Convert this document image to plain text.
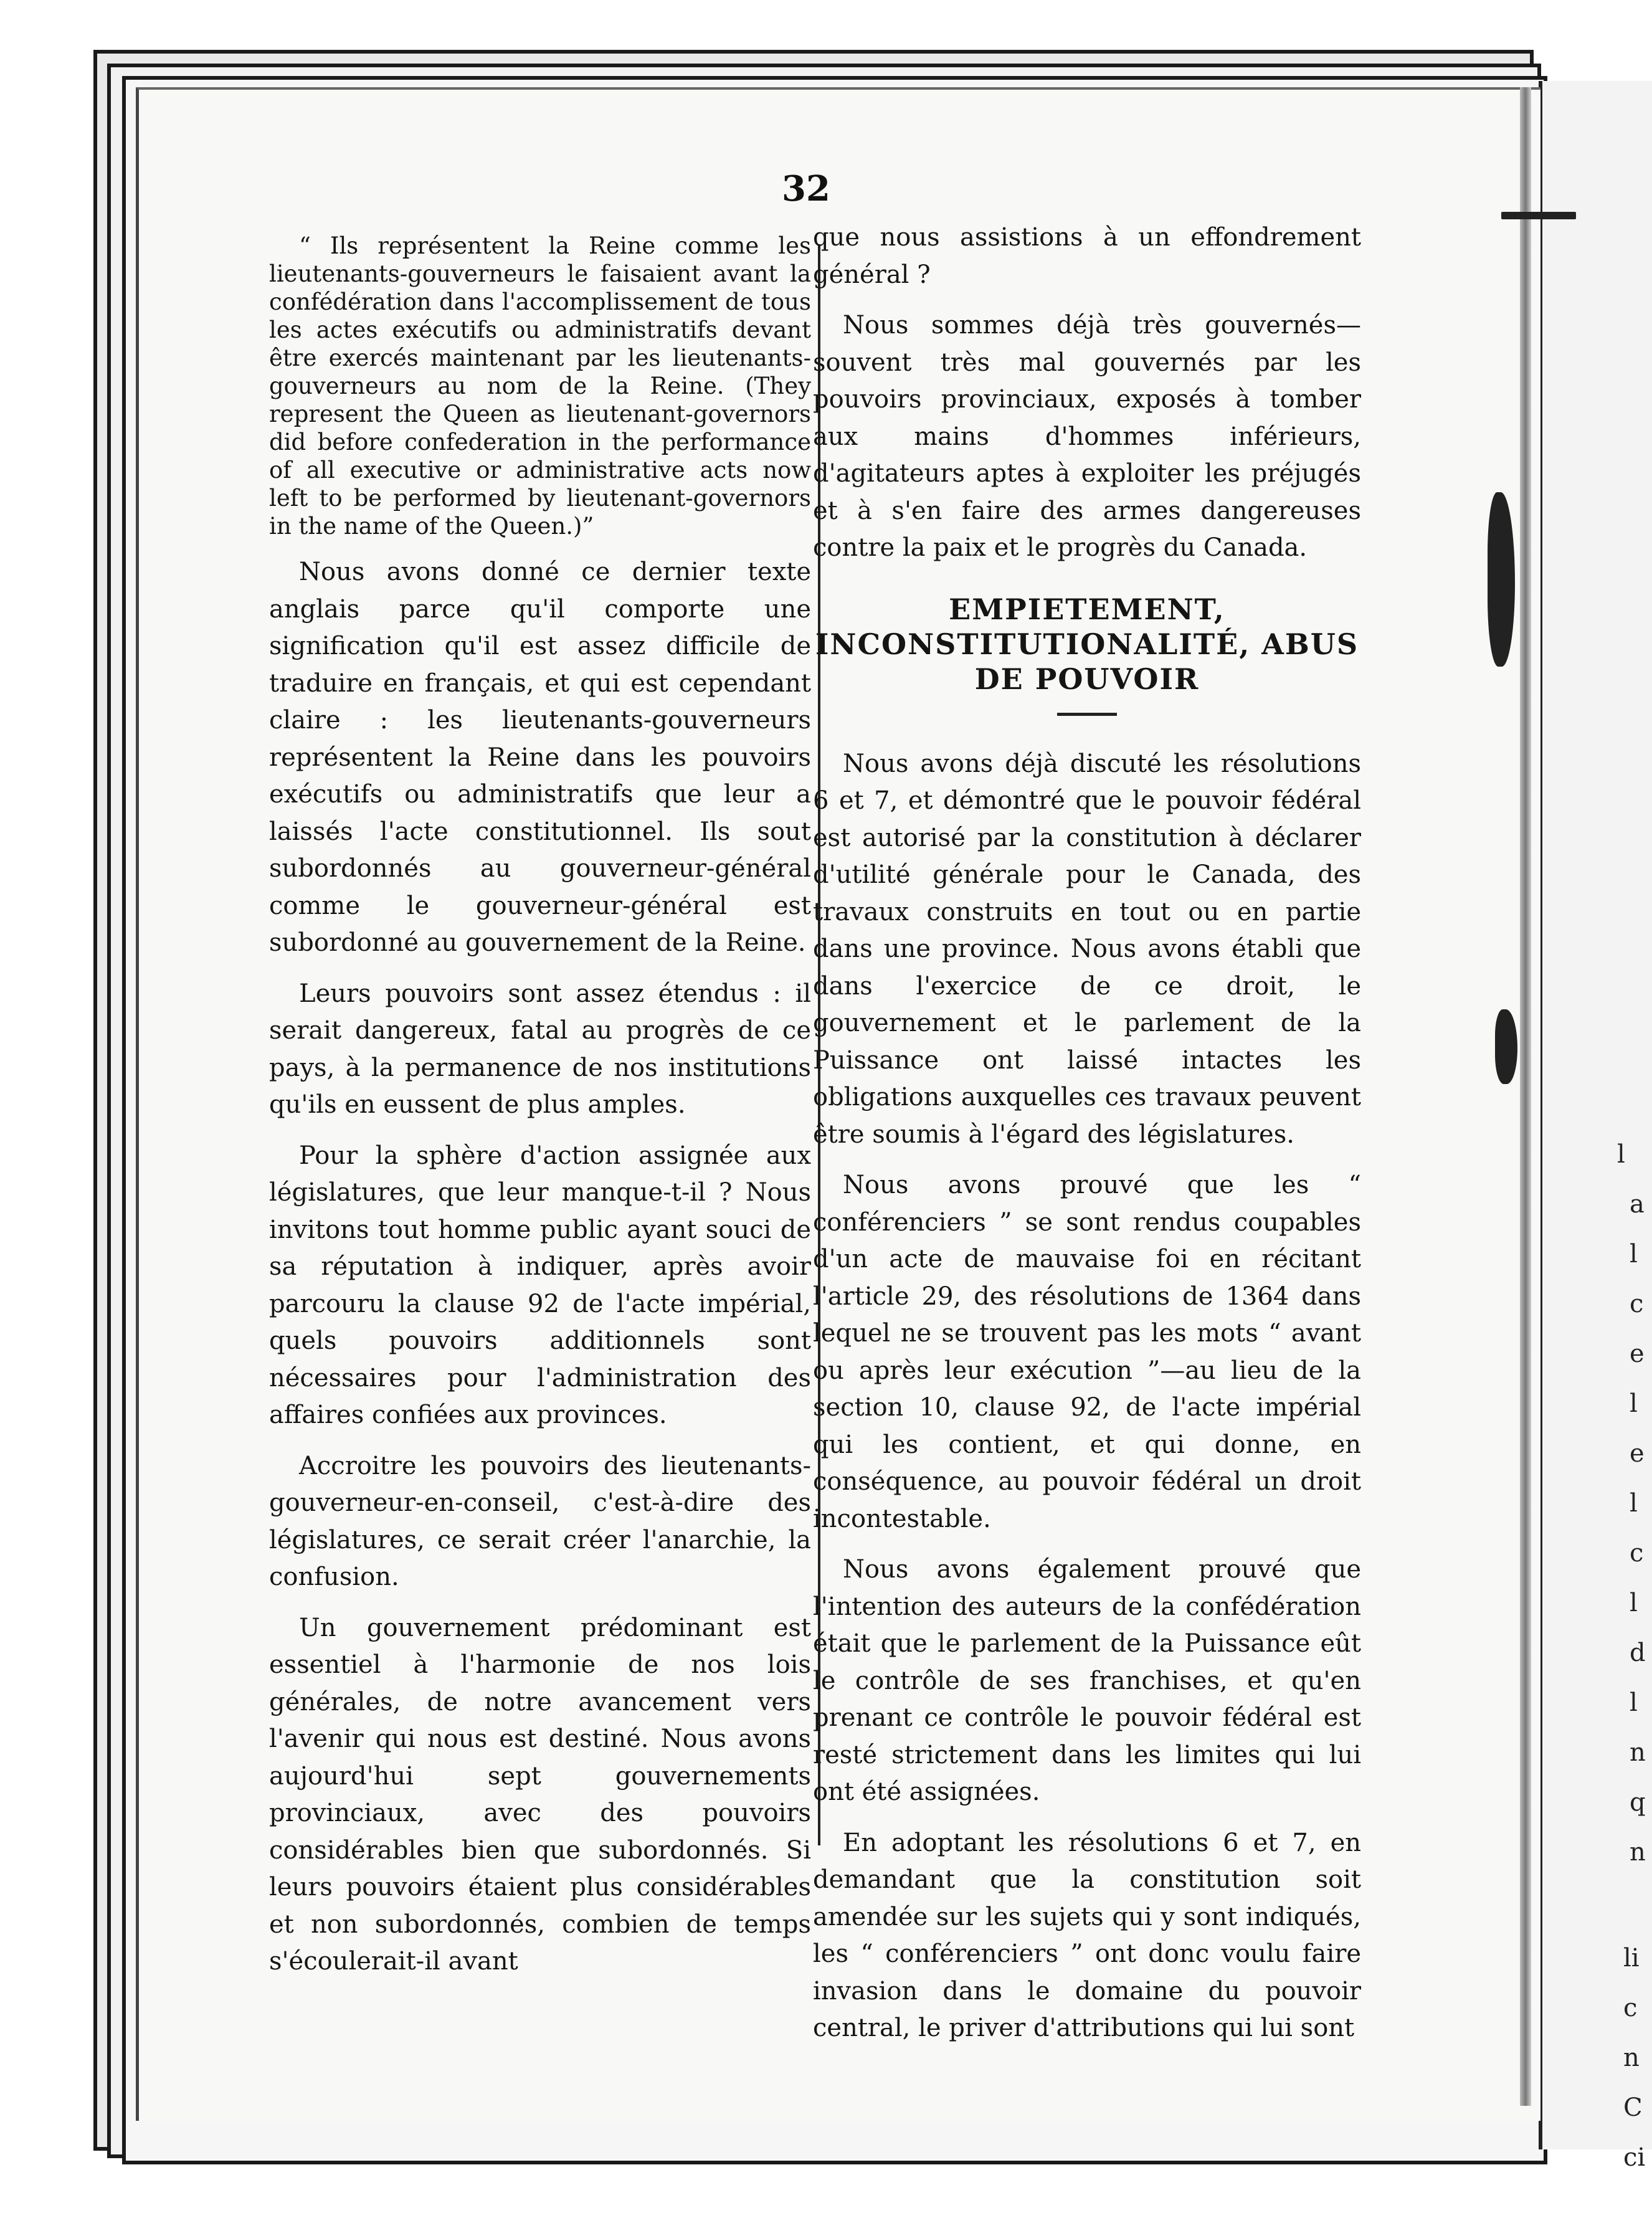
l
a
l
c
e
l
e
l
c
l
d
l
n
q
n
li
c
n
C
ci
32

“ Ils représentent la Reine comme les lieutenants-gouverneurs le faisaient avant la confédération dans l'accomplissement de tous les actes exécutifs ou administratifs devant être exercés maintenant par les lieutenants-gouverneurs au nom de la Reine. (They represent the Queen as lieutenant-governors did before confederation in the performance of all executive or administrative acts now left to be performed by lieutenant-governors in the name of the Queen.)”

Nous avons donné ce dernier texte anglais parce qu'il comporte une signification qu'il est assez difficile de traduire en français, et qui est cependant claire : les lieutenants-gouverneurs représentent la Reine dans les pouvoirs exécutifs ou administratifs que leur a laissés l'acte constitutionnel. Ils sout subordonnés au gouverneur-général comme le gouverneur-général est subordonné au gouvernement de la Reine.

Leurs pouvoirs sont assez étendus : il serait dangereux, fatal au progrès de ce pays, à la permanence de nos institutions qu'ils en eussent de plus amples.

Pour la sphère d'action assignée aux législatures, que leur manque-t-il ? Nous invitons tout homme public ayant souci de sa réputation à indiquer, après avoir parcouru la clause 92 de l'acte impérial, quels pouvoirs additionnels sont nécessaires pour l'administration des affaires confiées aux provinces.

Accroitre les pouvoirs des lieutenants-gouverneur-en-conseil, c'est-à-dire des législatures, ce serait créer l'anarchie, la confusion.

Un gouvernement prédominant est essentiel à l'harmonie de nos lois générales, de notre avancement vers l'avenir qui nous est destiné. Nous avons aujourd'hui sept gouvernements provinciaux, avec des pouvoirs considérables bien que subordonnés. Si leurs pouvoirs étaient plus considérables et non subordonnés, combien de temps s'écoulerait-il avant

que nous assistions à un effondrement général ?

Nous sommes déjà très gouvernés—souvent très mal gouvernés par les pouvoirs provinciaux, exposés à tomber aux mains d'hommes inférieurs, d'agitateurs aptes à exploiter les préjugés et à s'en faire des armes dangereuses contre la paix et le progrès du Canada.

EMPIETEMENT, INCONSTITUTIONALITÉ, ABUS DE POUVOIR

Nous avons déjà discuté les résolutions 6 et 7, et démontré que le pouvoir fédéral est autorisé par la constitution à déclarer d'utilité générale pour le Canada, des travaux construits en tout ou en partie dans une province. Nous avons établi que dans l'exercice de ce droit, le gouvernement et le parlement de la Puissance ont laissé intactes les obligations auxquelles ces travaux peuvent être soumis à l'égard des législatures.

Nous avons prouvé que les “ conférenciers ” se sont rendus coupables d'un acte de mauvaise foi en récitant l'article 29, des résolutions de 1364 dans lequel ne se trouvent pas les mots “ avant ou après leur exécution ”—au lieu de la section 10, clause 92, de l'acte impérial qui les contient, et qui donne, en conséquence, au pouvoir fédéral un droit incontestable.

Nous avons également prouvé que l'intention des auteurs de la confédération était que le parlement de la Puissance eût le contrôle de ses franchises, et qu'en prenant ce contrôle le pouvoir fédéral est resté strictement dans les limites qui lui ont été assignées.

En adoptant les résolutions 6 et 7, en demandant que la constitution soit amendée sur les sujets qui y sont indiqués, les “ conférenciers ” ont donc voulu faire invasion dans le domaine du pouvoir central, le priver d'attributions qui lui sont
